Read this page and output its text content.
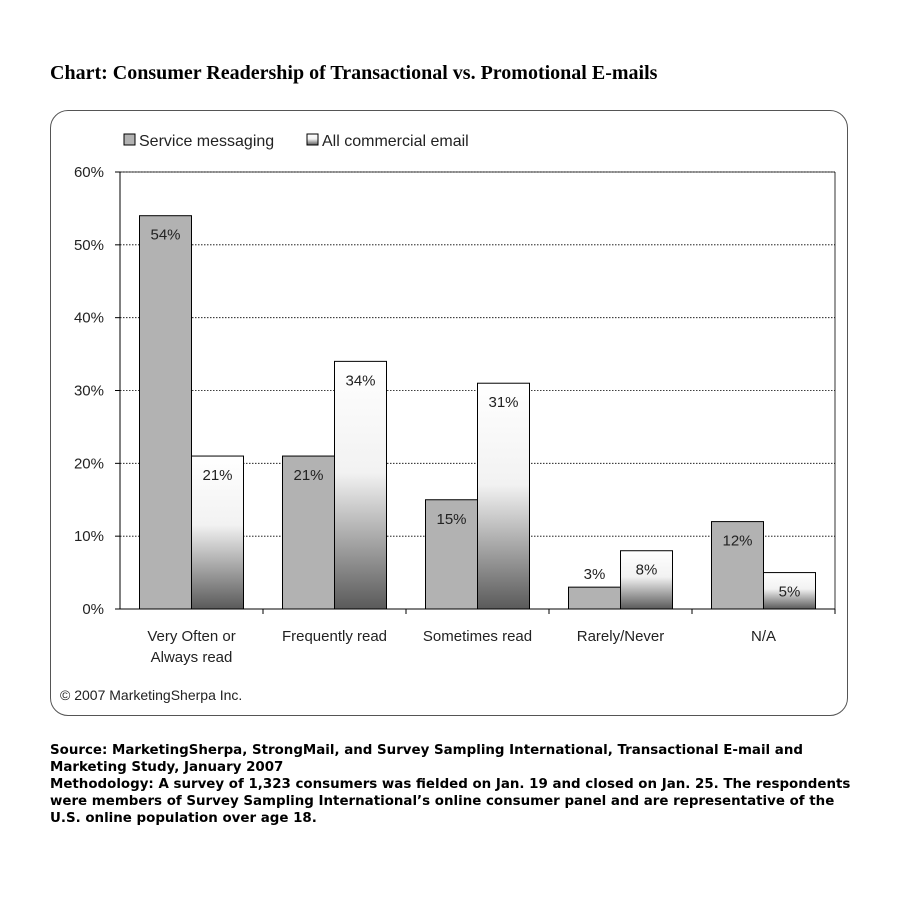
Chart: Consumer Readership of Transactional vs. Promotional E-mails
Service messaging	All commercial email
0%
10%
20%
30%
40%
50%
60%
Very Often or
Always read
Frequently read Sometimes read	Rarely/Never	N/A
54%
21%	21%
34%
15%
31%
3% 8%
12%
5%
© 2007 MarketingSherpa Inc.

Source: MarketingSherpa, StrongMail, and Survey Sampling International, Transactional E-mail and Marketing Study, January 2007
Methodology: A survey of 1,323 consumers was fielded on Jan. 19 and closed on Jan. 25. The respondents were members of Survey Sampling International’s online consumer panel and are representative of the U.S. online population over age 18.
